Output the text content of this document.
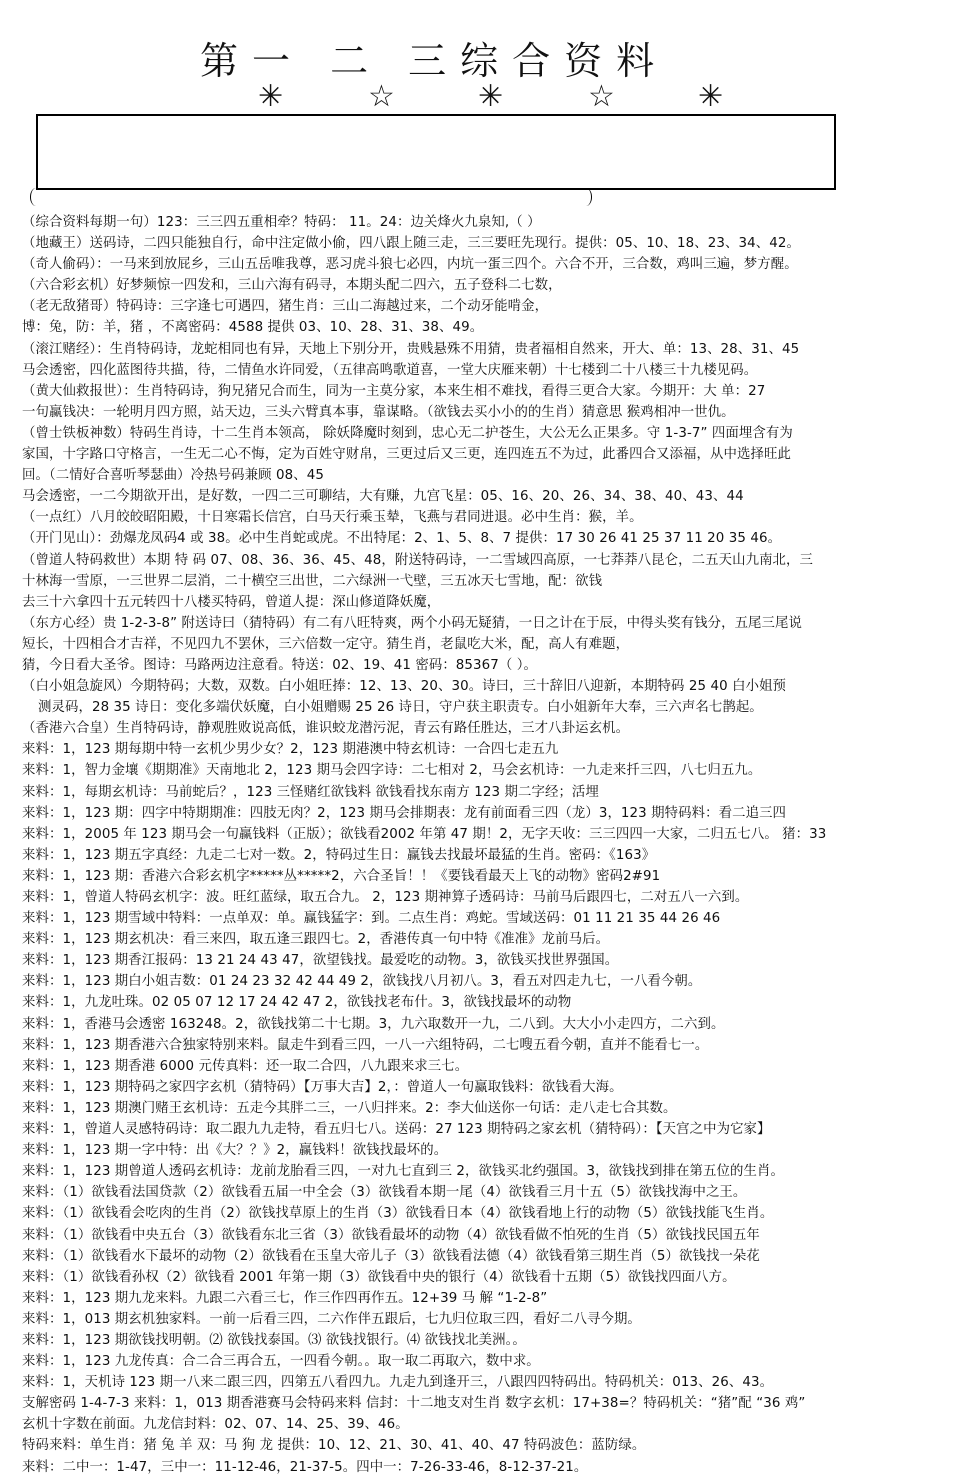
第一 二 三综合资料
✳	☆	✳	☆	✳
（综合资料每期一句）123：三三四五重相牵？特码： 11。24：边关烽火九泉知,（ ）
（地藏王）送码诗，二四只能独自行，命中注定做小偷，四八跟上随三走，三三要旺先现行。提供：05、10、18、23、34、42。
（奇人偷码）：一马来到放屁乡，三山五岳唯我尊，恶习虎斗狼七必四，内坑一蛋三四个。六合不开，三合数，鸡叫三遍，梦方醒。
（六合彩玄机）好梦频惊一四发和，三山六海有码寻，本期头配二四六，五子登科二七数，
（老无敌猪哥）特码诗：三字逢七可遇四，猪生肖：三山二海越过来，二个动牙能啃金，
博：兔，防：羊，猪 ，不离密码：4588 提供 03、10、28、31、38、49。
（滚江赌经）：生肖特码诗，龙蛇相同也有异，天地上下别分开，贵贱悬殊不用猜，贵者福相自然来，开大、单：13、28、31、45
马会透密，四化蓝图待共描，待，二情鱼水许同爱，（五律高鸣歌道喜，一堂大庆雁来朝）十七楼到二十八楼三十九楼见码。
（黄大仙救报世）：生肖特码诗，狗兄猪兄合而生，同为一主莫分家，本来生相不难找，看得三更合大家。今期开：大 单：27
一句赢钱决：一轮明月四方照，站天边，三头六臂真本事，靠谋略。（欲钱去买小小的的生肖）猜意思 猴鸡相冲一世仇。
（曾士铁板神数）特码生肖诗，十二生肖本领高， 除妖降魔时刻到，忠心无二护苍生，大公无么正果多。守 1-3-7” 四面埋含有为
家国，十字路口守格言，一生无二心不悔，定为百姓守财帛，三更过后又三更，连四连五不为过，此番四合又添福，从中选择旺此
回。（二情好合喜听琴瑟曲）冷热号码兼顾 08、45
马会透密，一二今期欲开出，是好数，一四二三可聊结，大有赚，九宫飞星：05、16、20、26、34、38、40、43、44
（一点红）八月皎皎昭阳殿，十日寒霜长信宫，白马天行乘玉辇，飞燕与君同进退。必中生肖：猴，羊。
（开门见山）：劲爆龙凤码4 或 38。必中生肖蛇或虎。不出特尾：2、1、5、8、7 提供：17 30 26 41 25 37 11 20 35 46。
（曾道人特码救世）本期 特 码 07、08、36、36、45、48，附送特码诗，一二雪域四高原，一七莽莽八昆仑，二五天山九南北，三
十林海一雪原，一三世界二层消，二十横空三出世，二六绿洲一弋壁，三五冰天七雪地，配：欲钱
去三十六拿四十五元转四十八楼买特码，曾道人提：深山修道降妖魔，
（东方心经）贵 1-2-3-8” 附送诗曰（猜特码）有二有八旺特爽，两个小码无疑猜，一日之计在于辰，中得头奖有钱分，五尾三尾说
短长，十四相合才吉祥，不见四九不罢休，三六倍数一定守。猜生肖，老鼠吃大米，配，高人有难题，
猜，今日看大圣爷。图诗：马路两边注意看。特送：02、19、41 密码：85367（ ）。
（白小姐急旋风）今期特码；大数，双数。白小姐旺捧：12、13、20、30。诗曰，三十辞旧八迎新，本期特码 25 40 白小姐预
测灵码，28 35 诗日：变化多端伏妖魔，白小姐赠赐 25 26 诗日，守户获主职责专。白小姐新年大奉，三六声名七鹊起。
（香港六合皇）生肖特码诗，静观胜败说高低，谁识蛟龙潜污泥，青云有路任胜达，三才八卦运玄机。
来料：1，123 期每期中特一玄机少男少女？2，123 期港澳中特玄机诗：一合四七走五九
来料：1，智力金壤《期期准》天南地北 2，123 期马会四字诗：二七相对 2，马会玄机诗：一九走来扦三四，八七归五九。
来料：1，每期玄机诗：马前蛇后？，123 三怪赌红欲钱料 欲钱看找东南方 123 期二字经；活埋
来料：1，123 期：四字中特期期准：四肢无肉？2，123 期马会排期表：龙有前面看三四（龙）3，123 期特码料：看二追三四
来料：1，2005 年 123 期马会一句赢钱料（正版）；欲钱看2002 年第 47 期！2，无字天收：三三四四一大家，二归五七八。 猪：33
来料：1，123 期五字真经：九走二七对一数。2，特码过生日：赢钱去找最坏最猛的生肖。密码：《163》
来料：1，123 期：香港六合彩玄机字*****丛*****2，六合圣旨！！《要钱看最天上飞的动物》密码2#91
来料：1，曾道人特码玄机字：波。旺红蓝绿，取五合九。 2，123 期神算子透码诗：马前马后跟四七，二对五八一六到。
来料：1，123 期雪域中特料：一点单双：单。赢钱猛字：到。二点生肖：鸡蛇。雪域送码：01 11 21 35 44 26 46
来料：1，123 期玄机决：看三来四，取五逢三跟四七。2，香港传真一句中特《准准》龙前马后。
来料：1，123 期香江报码：13 21 24 43 47，欲望钱找。最爱吃的动物。3，欲钱买找世界强国。
来料：1，123 期白小姐吉数：01 24 23 32 42 44 49 2，欲钱找八月初八。3，看五对四走九七，一八看今朝。
来料：1，九龙吐珠。02 05 07 12 17 24 42 47 2，欲钱找老布什。3，欲钱找最坏的动物
来料：1，香港马会透密 163248。2，欲钱找第二十七期。3，九六取数开一九，二八到。大大小小走四方，二六到。
来料：1，123 期香港六合独家特别来料。鼠走牛到看三四，一八一六组特码，二七嗖五看今朝，直并不能看七一。
来料：1，123 期香港 6000 元传真料：还一取二合四，八九跟来求三七。
来料：1，123 期特码之家四字玄机（猜特码）【万事大吉】2，：曾道人一句赢取钱料：欲钱看大海。
来料：1，123 期澳门赌王玄机诗：五走今其胖二三，一八归拌来。2：李大仙送你一句话：走八走七合其数。
来料：1，曾道人灵感特码诗：取二跟九九走特，看五归七八。送码：27 123 期特码之家玄机（猜特码）：【天宫之中为它家】
来料：1，123 期一字中特：出《大？？》2，赢钱料！欲钱找最坏的。
来料：1，123 期曾道人透码玄机诗：龙前龙胎看三四，一对九七直到三 2，欲钱买北约强国。3，欲钱找到排在第五位的生肖。
来料：（1）欲钱看法国贷款（2）欲钱看五届一中全会（3）欲钱看本期一尾（4）欲钱看三月十五（5）欲钱找海中之王。
来料：（1）欲钱看会吃肉的生肖（2）欲钱找草原上的生肖（3）欲钱看日本（4）欲钱看地上行的动物（5）欲钱找能飞生肖。
来料：（1）欲钱看中央五台（3）欲钱看东北三省（3）欲钱看最坏的动物（4）欲钱看做不怕死的生肖（5）欲钱找民国五年
来料：（1）欲钱看水下最坏的动物（2）欲钱看在玉皇大帝儿子（3）欲钱看法德（4）欲钱看第三期生肖（5）欲钱找一朵花
来料：（1）欲钱看孙权（2）欲钱看 2001 年第一期（3）欲钱看中央的银行（4）欲钱看十五期（5）欲钱找四面八方。
来料：1，123 期九龙来料。九跟二六看三七，作三作四再作五。12+39 马 解 “1-2-8”
来料：1，013 期玄机独家料。一前一后看三四，二六作伴五跟后，七九归位取三四，看好二八寻今期。
来料：1，123 期欲钱找明朝。⑵ 欲钱找泰国。⑶ 欲钱找银行。⑷ 欲钱找北美洲。。
来料：1，123 九龙传真：合二合三再合五，一四看今朝。。取一取二再取六，数中求。
来料：1，天机诗 123 期一八来二跟三四，四第五八看四九。九走九到逢开三，八跟四四特码出。特码机关：013、26、43。
支解密码 1-4-7-3 来料：1，013 期香港赛马会特码来料 信封：十二地支对生肖 数字玄机：17+38=？特码机关：“猪”配 “36 鸡”
玄机十字数在前面。九龙信封料：02、07、14、25、39、46。
特码来料：单生肖：猪 兔 羊 双：马 狗 龙 提供：10、12、21、30、41、40、47 特码波色：蓝防绿。
来料：二中一：1-47，三中一：11-12-46，21-37-5。四中一：7-26-33-46，8-12-37-21。
